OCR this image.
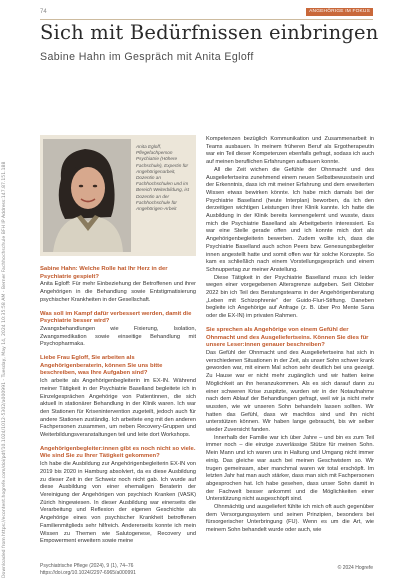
Downloaded from https://econtent.hogrefe.com/doi/pdf/10.1024/1012-5302/a000991 - Tuesday, May 14, 2024 10:35:58 AM - Berner Fachhochschule BFH IP Address:147.87.151.188
74	ANGEHÖRIGE IM FOKUS
Sich mit Bedürfnissen einbringen
Sabine Hahn im Gespräch mit Anita Egloff
Anita Egloff, Pflegefachperson Psychiatrie (Höhere Fachschule), Expertin für Angehörigenarbeit, Dozentin an Fachhochschulen und im Bereich Weiterbildung, ist Dozentin an der Fachhochschule für Angehörigen-Arbeit

Sabine Hahn: Welche Rolle hat Ihr Herz in der Psychiatrie gespielt?

Anita Egloff: Für mehr Einbeziehung der Betroffenen und ihrer Angehörigen in die Behandlung sowie Entstigmatisierung psychischer Krankheiten in der Gesellschaft.

Was soll im Kampf dafür verbessert werden, damit die Psychiatrie besser wird?

Zwangsbehandlungen wie Fixierung, Isolation, Zwangsmedikation sowie einseitige Behandlung mit Psychopharmaka.

Liebe Frau Egloff, Sie arbeiten als Angehörigenberaterin, können Sie uns bitte beschreiben, was Ihre Aufgaben sind?

Ich arbeite als Angehörigenbegleiterin im EX-IN. Während meiner Tätigkeit in der Psychiatrie Baselland begleitete ich in Einzelgesprächen Angehörige von Patientinnen, die sich aktuell in stationärer Behandlung in der Klinik waren. Ich war den Stationen für Krisenintervention zugeteilt, jedoch auch für andere Stationen zuständig. Ich arbeitete eng mit den anderen Fachpersonen zusammen, um neben Recovery-Gruppen und Weiterbildungsveranstaltungen teil und leite dort Workshops.

Angehörigenbegleiter:innen gibt es noch nicht so viele. Wie sind Sie zu Ihrer Tätigkeit gekommen?

Ich habe die Ausbildung zur Angehörigenbegleiterin EX-IN von 2019 bis 2020 in Hamburg absolviert, da es diese Ausbildung zu dieser Zeit in der Schweiz noch nicht gab. Ich wurde auf diese Ausbildung von einer ehemaligen Beraterin der Vereinigung der Angehörigen von psychisch Kranken (VASK) Zürich hingewiesen. In dieser Ausbildung war einerseits die Verarbeitung und Reflexion der eigenen Geschichte als Angehörige eines von psychischer Krankheit betroffenen Familienmitglieds sehr hilfreich. Andererseits konnte ich mein Wissen zu Themen wie Salutogenese, Recovery und Empowerment erweitern sowie meine

Kompetenzen bezüglich Kommunikation und Zusammenarbeit in Teams ausbauen. In meinem früheren Beruf als Ergotherapeutin war ein Teil dieser Kompetenzen ebenfalls gefragt, sodass ich auch auf meinen beruflichen Erfahrungen aufbauen konnte.

All die Zeit wichen die Gefühle der Ohnmacht und des Ausgeliefertseins zunehmend einem neuen Selbstbewusstsein und der Erkenntnis, dass ich mit meiner Erfahrung und dem erweiterten Wissen etwas bewirken könnte. Ich habe mich damals bei der Psychiatrie Baselland (heute Interplan) beworben, da ich den derzeitigen wichtigen Leistungen ihrer Klinik kannte. Ich hatte die Ausbildung in der Klinik bereits kennengelernt und wusste, dass mich die Psychiatrie Baselland als Arbeitgeberin interessiert. Es war eine Stelle gerade offen und ich konnte mich dort als Angehörigenbegleiterin bewerben. Zudem wollte ich, dass die Psychiatrie Baselland auch schon Peers bzw. Genesungsbegleiter innen angestellt hatte und somit offen war für solche Konzepte. So kam es schließlich nach einem Vorstellungsgespräch und einem Schnuppertag zur meiner Anstellung.

Diese Tätigkeit in der Psychiatrie Baselland muss ich leider wegen einer vorgegebenen Altersgrenze aufgeben. Seit Oktober 2022 bin ich Teil des Beratungsteams in der Angehörigenberatung „Leben mit Schizophrenie" der Guido-Fluri-Stiftung. Daneben begleite ich Angehörige auf Anfrage (z. B. über Pro Mente Sana oder die EX-IN) im privaten Rahmen.

Sie sprechen als Angehörige von einem Gefühl der Ohnmacht und des Ausgeliefertseins. Können Sie dies für unsere Leser:innen genauer beschreiben?

Das Gefühl der Ohnmacht und des Ausgeliefertseins hat sich in verschiedenen Situationen in der Zeit, als unser Sohn schwer krank geworden war, mit einem Mal schon sehr deutlich bei uns gezeigt. Zu Hause war er nicht mehr zugänglich und wir hatten keine Möglichkeit an ihn heranzukommen. Als es sich darauf dann zu einer schweren Krise zuspitzte, wurden wir in der Notaufnahme nach dem Ablauf der Behandlungen gefragt, weil wir ja nicht mehr wussten, wie wir unseren Sohn behandeln lassen sollten. Wir hatten das Gefühl, dass wir machtlos sind und ihn nicht unterstützen können. Wir haben lange gebraucht, bis wir selber wieder Zuversicht fanden.

Innerhalb der Familie war ich über Jahre – und bin es zum Teil immer noch – die einzige zuverlässige Stütze für meinen Sohn. Mein Mann und ich waren uns in Haltung und Umgang nicht immer einig. Das gleiche war auch bei meinen Geschwistern so. Wir trugen gemeinsam, aber manchmal waren wir total erschöpft. Im letzten Jahr hat man auch stärker, dass man sich mit Fachpersonen abgesprochen hat. Ich habe gesehen, dass unser Sohn damit in der Fachwelt besser ankommt und die Möglichkeiten einer Unterstützung nicht ausgeschöpft sind.

Ohnmächtig und ausgeliefert fühlte ich mich oft auch gegenüber dem Versorgungssystem und seinen Prinzipien, besonders bei fürsorgerischer Unterbringung (FU). Wenn es um die Art, wie meinem Sohn behandelt wurde oder auch, wie

Psychiatrische Pflege (2024), 9 (1), 74–76
https://doi.org/10.1024/2297-6965/a000991
© 2024 Hogrefe
